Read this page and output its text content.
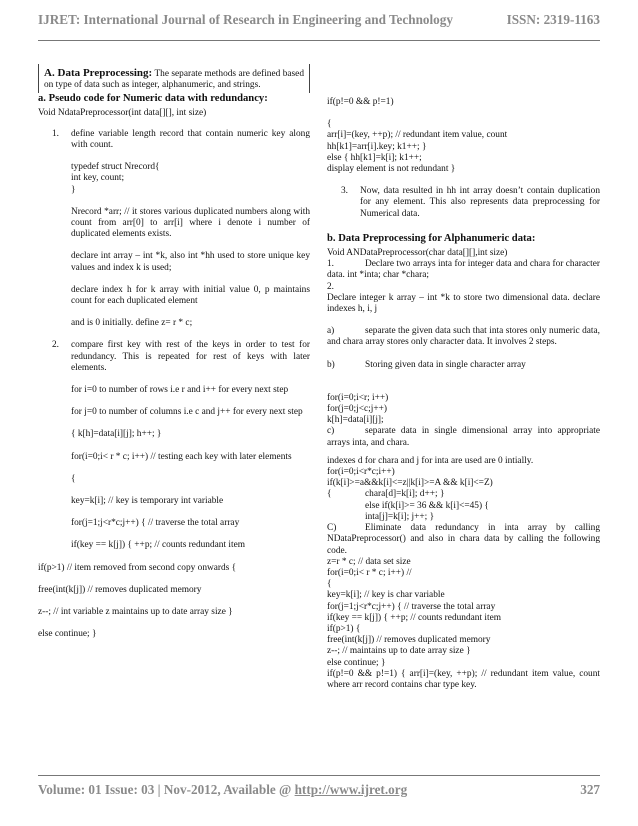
IJRET: International Journal of Research in Engineering and Technology	ISSN: 2319-1163
A. Data Preprocessing: The separate methods are defined based on type of data such as integer, alphanumeric, and strings.

a. Pseudo code for Numeric data with redundancy:

Void NdataPreprocessor(int data[][], int size)

1. define variable length record that contain numeric key along with count.
typedef struct Nrecord{
int key, count;
}
Nrecord *arr; // it stores various duplicated numbers along with count from arr[0] to arr[i] where i denote i number of duplicated elements exists.
declare int array – int *k, also int *hh used to store unique key values and index k is used;
declare index h for k array with initial value 0, p maintains count for each duplicated element
and is 0 initially. define z= r * c;
2. compare first key with rest of the keys in order to test for redundancy. This is repeated for rest of keys with later elements.
for i=0 to number of rows i.e r and i++ for every next step
for j=0 to number of columns i.e c and j++ for every next step
{ k[h]=data[i][j]; h++; }
for(i=0;i< r * c; i++) // testing each key with later elements
{
key=k[i]; // key is temporary int variable
for(j=1;j<r*c;j++) { // traverse the total array
if(key == k[j]) { ++p; // counts redundant item
if(p>1) // item removed from second copy onwards {
free(int(k[j]) // removes duplicated memory
z--; // int variable z maintains up to date array size }
else continue; }
if(p!=0 && p!=1)
{
arr[i]=(key, ++p); // redundant item value, count
hh[k1]=arr[i].key; k1++; }
else { hh[k1]=k[i]; k1++;
display element is not redundant }
3. Now, data resulted in hh int array doesn’t contain duplication for any element. This also represents data preprocessing for Numerical data.

b. Data Preprocessing for Alphanumeric data:

Void ANDataPreprocessor(char data[][],int size)

1.	Declare two arrays inta for integer data and chara for character data. int *inta; char *chara;
2.
Declare integer k array – int *k to store two dimensional data. declare indexes h, i, j
a)	separate the given data such that inta stores only numeric data, and chara array stores only character data. It involves 2 steps.
b)	Storing given data in single character array
for(i=0;i<r; i++)
for(j=0;j<c;j++)
k[h]=data[i][j];
c)	separate data in single dimensional array into appropriate arrays inta, and chara.
indexes d for chara and j for inta are used are 0 intially.
for(i=0;i<r*c;i++)
if(k[i]>=a&&k[i]<=z||k[i]>=A && k[i]<=Z)
{	chara[d]=k[i]; d++; }
else if(k[i]>= 36 && k[i]<=45) {
inta[j]=k[i]; j++; }
C)	Eliminate data redundancy in inta array by calling NDataPreprocessor() and also in chara data by calling the following code.
z=r * c; // data set size
for(i=0;i< r * c; i++) //
{
key=k[i]; // key is char variable
for(j=1;j<r*c;j++) { // traverse the total array
if(key == k[j]) { ++p; // counts redundant item
if(p>1) {
free(int(k[j]) // removes duplicated memory
z--; // maintains up to date array size }
else continue; }
if(p!=0 && p!=1) { arr[i]=(key, ++p); // redundant item value, count where arr record contains char type key.
Volume: 01 Issue: 03 | Nov-2012, Available @ http://www.ijret.org	327
